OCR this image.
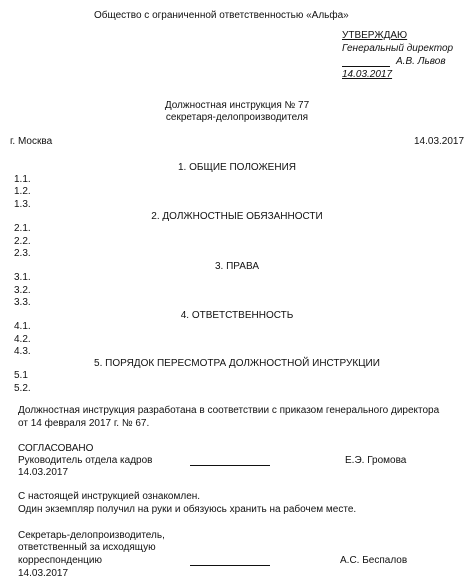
Общество с ограниченной ответственностью «Альфа»
УТВЕРЖДАЮ
Генеральный директор
А.В. Львов
14.03.2017
Должностная инструкция № 77
секретаря-делопроизводителя
г. Москва	14.03.2017
1. ОБЩИЕ ПОЛОЖЕНИЯ
1.1.
1.2.
1.3.
2. ДОЛЖНОСТНЫЕ ОБЯЗАННОСТИ
2.1.
2.2.
2.3.
3. ПРАВА
3.1.
3.2.
3.3.
4. ОТВЕТСТВЕННОСТЬ
4.1.
4.2.
4.3.
5. ПОРЯДОК ПЕРЕСМОТРА ДОЛЖНОСТНОЙ ИНСТРУКЦИИ
5.1
5.2.
Должностная инструкция разработана в соответствии с приказом генерального директора
от 14 февраля 2017 г. № 67.
СОГЛАСОВАНО
Руководитель отдела кадров	Е.Э. Громова
14.03.2017
С настоящей инструкцией ознакомлен.
Один экземпляр получил на руки и обязуюсь хранить на рабочем месте.
Секретарь-делопроизводитель,
ответственный за исходящую
корреспонденцию	А.С. Беспалов
14.03.2017
